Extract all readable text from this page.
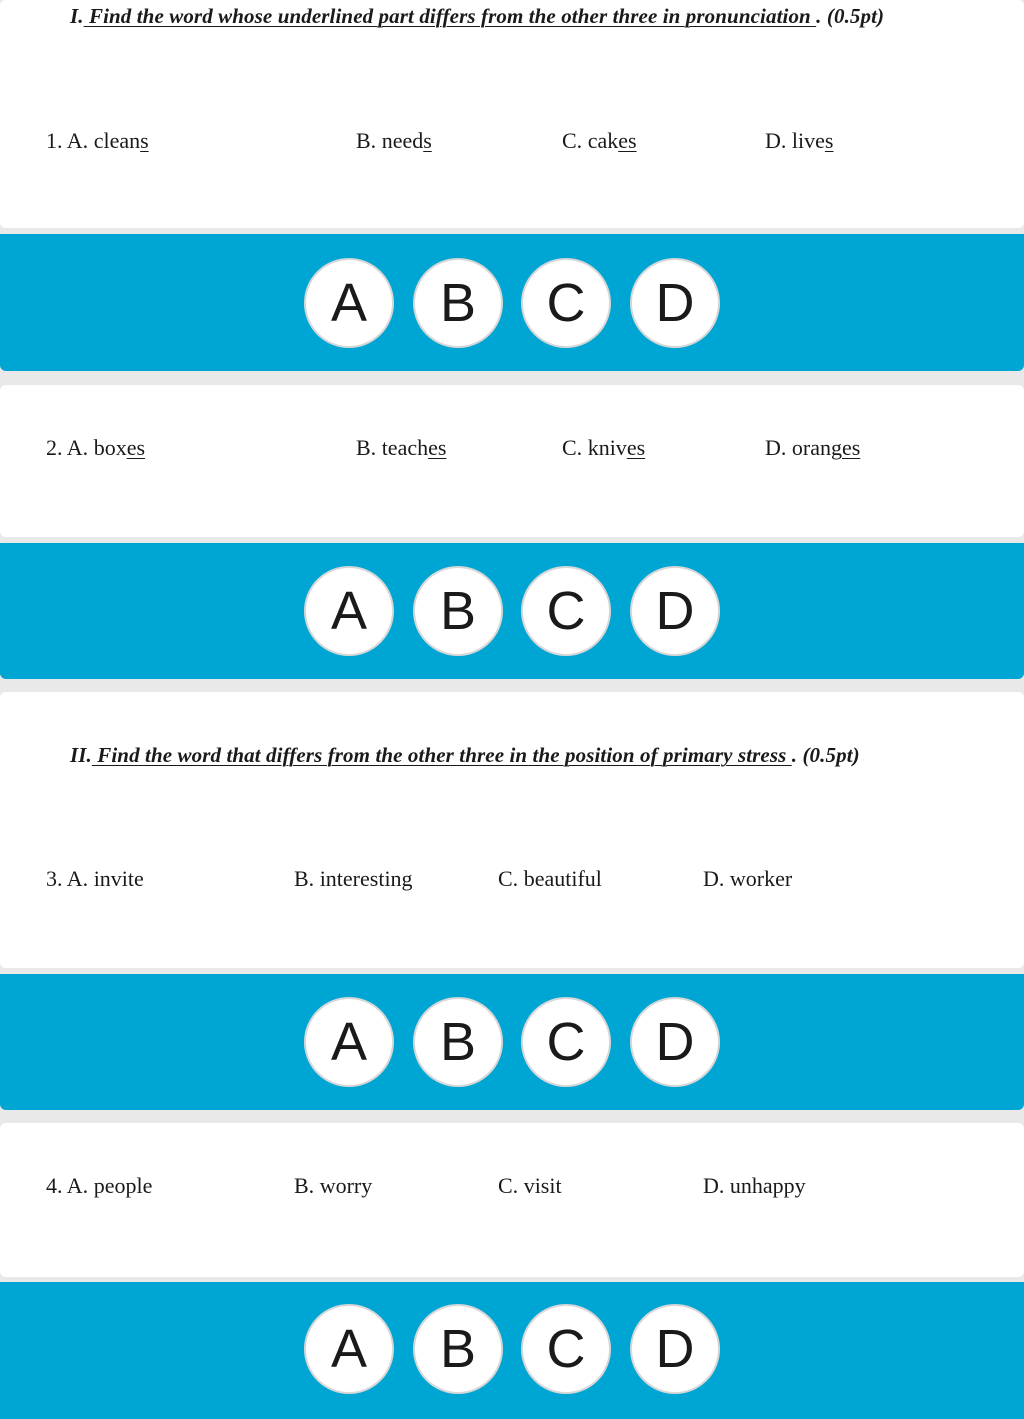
I. Find the word whose underlined part differs from the other three in pronunciation . (0.5pt)
1. A. cleans	B. needs	C. cakes	D. lives
A	B	C	D
2. A. boxes	B. teaches	C. knives	D. oranges
A	B	C	D
II. Find the word that differs from the other three in the position of primary stress . (0.5pt)
3. A. invite	B. interesting	C. beautiful	D. worker
A	B	C	D
4. A. people	B. worry	C. visit	D. unhappy
A	B	C	D
